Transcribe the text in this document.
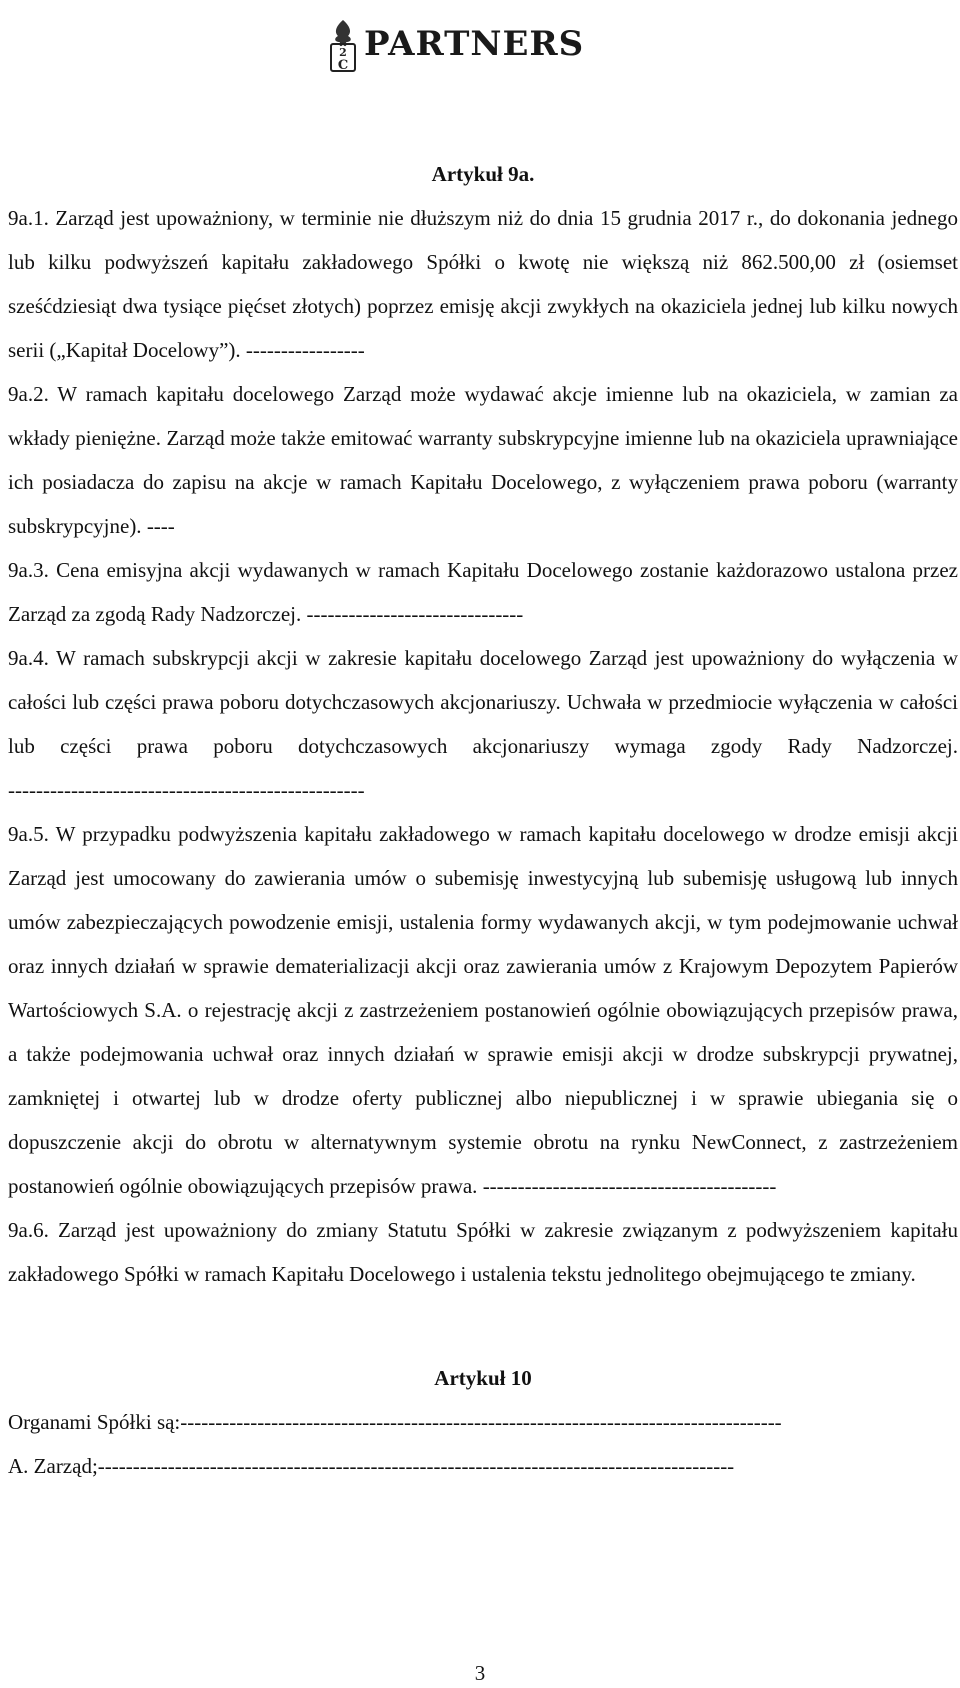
2
C
PARTNERS

Artykuł 9a.

9a.1. Zarząd jest upoważniony, w terminie nie dłuższym niż do dnia 15 grudnia 2017 r., do dokonania jednego lub kilku podwyższeń kapitału zakładowego Spółki o kwotę nie większą niż 862.500,00 zł (osiemset sześćdziesiąt dwa tysiące pięćset złotych) poprzez emisję akcji zwykłych na okaziciela jednej lub kilku nowych serii („Kapitał Docelowy”). -----------------

9a.2. W ramach kapitału docelowego Zarząd może wydawać akcje imienne lub na okaziciela, w zamian za wkłady pieniężne. Zarząd może także emitować warranty subskrypcyjne imienne lub na okaziciela uprawniające ich posiadacza do zapisu na akcje w ramach Kapitału Docelowego, z wyłączeniem prawa poboru (warranty subskrypcyjne). ----

9a.3. Cena emisyjna akcji wydawanych w ramach Kapitału Docelowego zostanie każdorazowo ustalona przez Zarząd za zgodą Rady Nadzorczej. -------------------------------

9a.4. W ramach subskrypcji akcji w zakresie kapitału docelowego Zarząd jest upoważniony do wyłączenia w całości lub części prawa poboru dotychczasowych akcjonariuszy. Uchwała w przedmiocie wyłączenia w całości lub części prawa poboru dotychczasowych akcjonariuszy wymaga zgody Rady Nadzorczej. ---------------------------------------------------

9a.5. W przypadku podwyższenia kapitału zakładowego w ramach kapitału docelowego w drodze emisji akcji Zarząd jest umocowany do zawierania umów o subemisję inwestycyjną lub subemisję usługową lub innych umów zabezpieczających powodzenie emisji, ustalenia formy wydawanych akcji, w tym podejmowanie uchwał oraz innych działań w sprawie dematerializacji akcji oraz zawierania umów z Krajowym Depozytem Papierów Wartościowych S.A. o rejestrację akcji z zastrzeżeniem postanowień ogólnie obowiązujących przepisów prawa, a także podejmowania uchwał oraz innych działań w sprawie emisji akcji w drodze subskrypcji prywatnej, zamkniętej i otwartej lub w drodze oferty publicznej albo niepublicznej i w sprawie ubiegania się o dopuszczenie akcji do obrotu w alternatywnym systemie obrotu na rynku NewConnect, z zastrzeżeniem postanowień ogólnie obowiązujących przepisów prawa. ------------------------------------------

9a.6. Zarząd jest upoważniony do zmiany Statutu Spółki w zakresie związanym z podwyższeniem kapitału zakładowego Spółki w ramach Kapitału Docelowego i ustalenia tekstu jednolitego obejmującego te zmiany.

Artykuł 10

Organami Spółki są: --------------------------------------------------------------------------------------
A. Zarząd; -------------------------------------------------------------------------------------------
3
